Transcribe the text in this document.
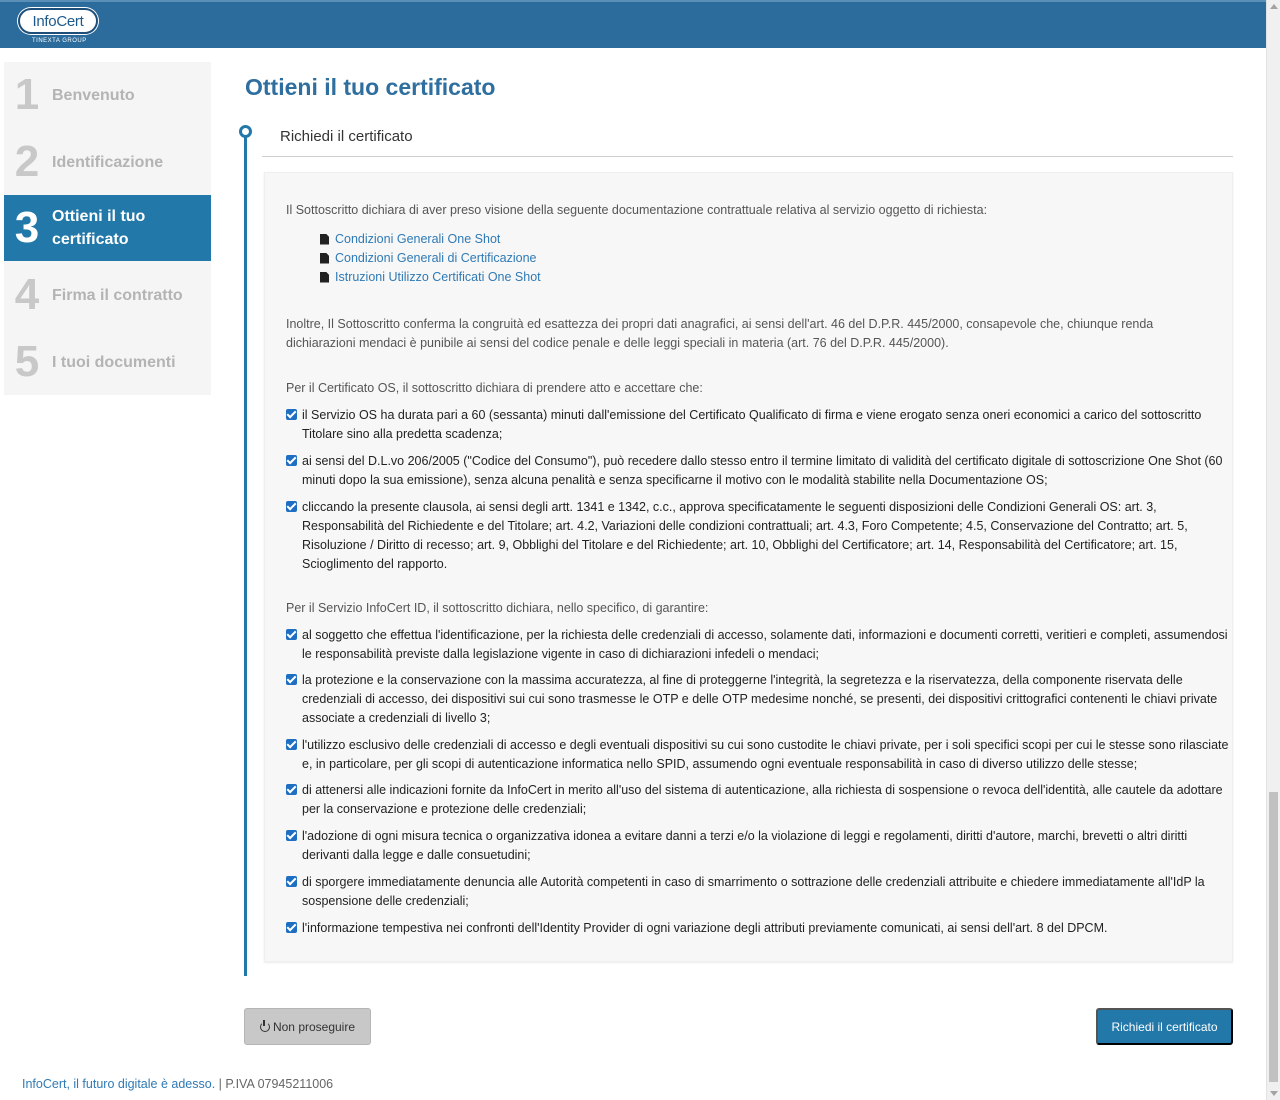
InfoCert
TINEXTA GROUP
1 Benvenuto
2 Identificazione
3 Ottieni il tuo certificato
4 Firma il contratto
5 I tuoi documenti
Ottieni il tuo certificato
Richiedi il certificato
Il Sottoscritto dichiara di aver preso visione della seguente documentazione contrattuale relativa al servizio oggetto di richiesta:
Condizioni Generali One Shot
Condizioni Generali di Certificazione
Istruzioni Utilizzo Certificati One Shot
Inoltre, Il Sottoscritto conferma la congruità ed esattezza dei propri dati anagrafici, ai sensi dell'art. 46 del D.P.R. 445/2000, consapevole che, chiunque renda dichiarazioni mendaci è punibile ai sensi del codice penale e delle leggi speciali in materia (art. 76 del D.P.R. 445/2000).
Per il Certificato OS, il sottoscritto dichiara di prendere atto e accettare che:
il Servizio OS ha durata pari a 60 (sessanta) minuti dall'emissione del Certificato Qualificato di firma e viene erogato senza oneri economici a carico del sottoscritto Titolare sino alla predetta scadenza;
ai sensi del D.L.vo 206/2005 ("Codice del Consumo"), può recedere dallo stesso entro il termine limitato di validità del certificato digitale di sottoscrizione One Shot (60 minuti dopo la sua emissione), senza alcuna penalità e senza specificarne il motivo con le modalità stabilite nella Documentazione OS;
cliccando la presente clausola, ai sensi degli artt. 1341 e 1342, c.c., approva specificatamente le seguenti disposizioni delle Condizioni Generali OS: art. 3, Responsabilità del Richiedente e del Titolare; art. 4.2, Variazioni delle condizioni contrattuali; art. 4.3, Foro Competente; 4.5, Conservazione del Contratto; art. 5, Risoluzione / Diritto di recesso; art. 9, Obblighi del Titolare e del Richiedente; art. 10, Obblighi del Certificatore; art. 14, Responsabilità del Certificatore; art. 15, Scioglimento del rapporto.
Per il Servizio InfoCert ID, il sottoscritto dichiara, nello specifico, di garantire:
al soggetto che effettua l'identificazione, per la richiesta delle credenziali di accesso, solamente dati, informazioni e documenti corretti, veritieri e completi, assumendosi le responsabilità previste dalla legislazione vigente in caso di dichiarazioni infedeli o mendaci;
la protezione e la conservazione con la massima accuratezza, al fine di proteggerne l'integrità, la segretezza e la riservatezza, della componente riservata delle credenziali di accesso, dei dispositivi sui cui sono trasmesse le OTP e delle OTP medesime nonché, se presenti, dei dispositivi crittografici contenenti le chiavi private associate a credenziali di livello 3;
l'utilizzo esclusivo delle credenziali di accesso e degli eventuali dispositivi su cui sono custodite le chiavi private, per i soli specifici scopi per cui le stesse sono rilasciate e, in particolare, per gli scopi di autenticazione informatica nello SPID, assumendo ogni eventuale responsabilità in caso di diverso utilizzo delle stesse;
di attenersi alle indicazioni fornite da InfoCert in merito all'uso del sistema di autenticazione, alla richiesta di sospensione o revoca dell'identità, alle cautele da adottare per la conservazione e protezione delle credenziali;
l'adozione di ogni misura tecnica o organizzativa idonea a evitare danni a terzi e/o la violazione di leggi e regolamenti, diritti d'autore, marchi, brevetti o altri diritti derivanti dalla legge e dalle consuetudini;
di sporgere immediatamente denuncia alle Autorità competenti in caso di smarrimento o sottrazione delle credenziali attribuite e chiedere immediatamente all'IdP la sospensione delle credenziali;
l'informazione tempestiva nei confronti dell'Identity Provider di ogni variazione degli attributi previamente comunicati, ai sensi dell'art. 8 del DPCM.
Non proseguire	Richiedi il certificato
InfoCert, il futuro digitale è adesso. | P.IVA 07945211006
